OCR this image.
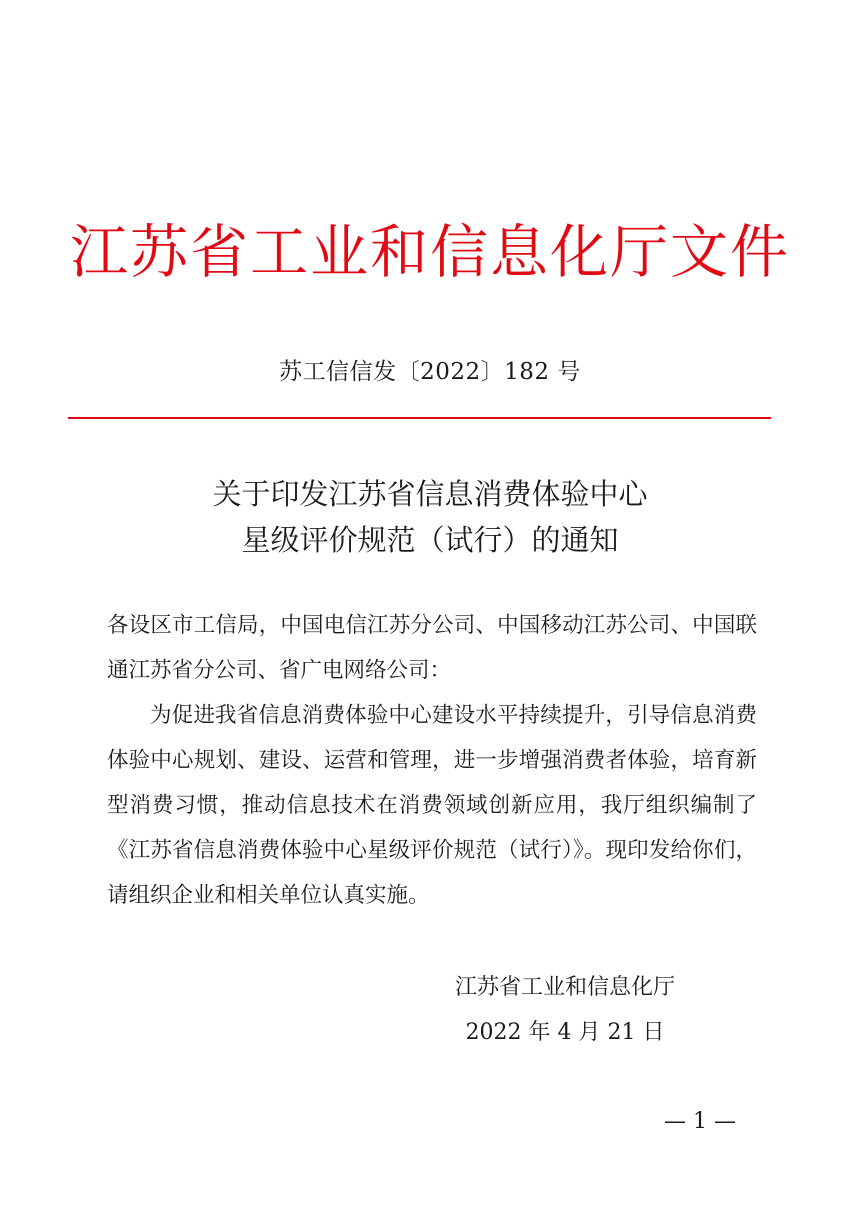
江苏省工业和信息化厅文件
苏工信信发〔2022〕182 号
关于印发江苏省信息消费体验中心
星级评价规范（试行）的通知

各设区市工信局，中国电信江苏分公司、中国移动江苏公司、中国联通江苏省分公司、省广电网络公司：

为促进我省信息消费体验中心建设水平持续提升，引导信息消费体验中心规划、建设、运营和管理，进一步增强消费者体验，培育新型消费习惯，推动信息技术在消费领域创新应用，我厅组织编制了《江苏省信息消费体验中心星级评价规范（试行）》。现印发给你们，请组织企业和相关单位认真实施。

江苏省工业和信息化厅
2022 年 4 月 21 日
— 1 —
